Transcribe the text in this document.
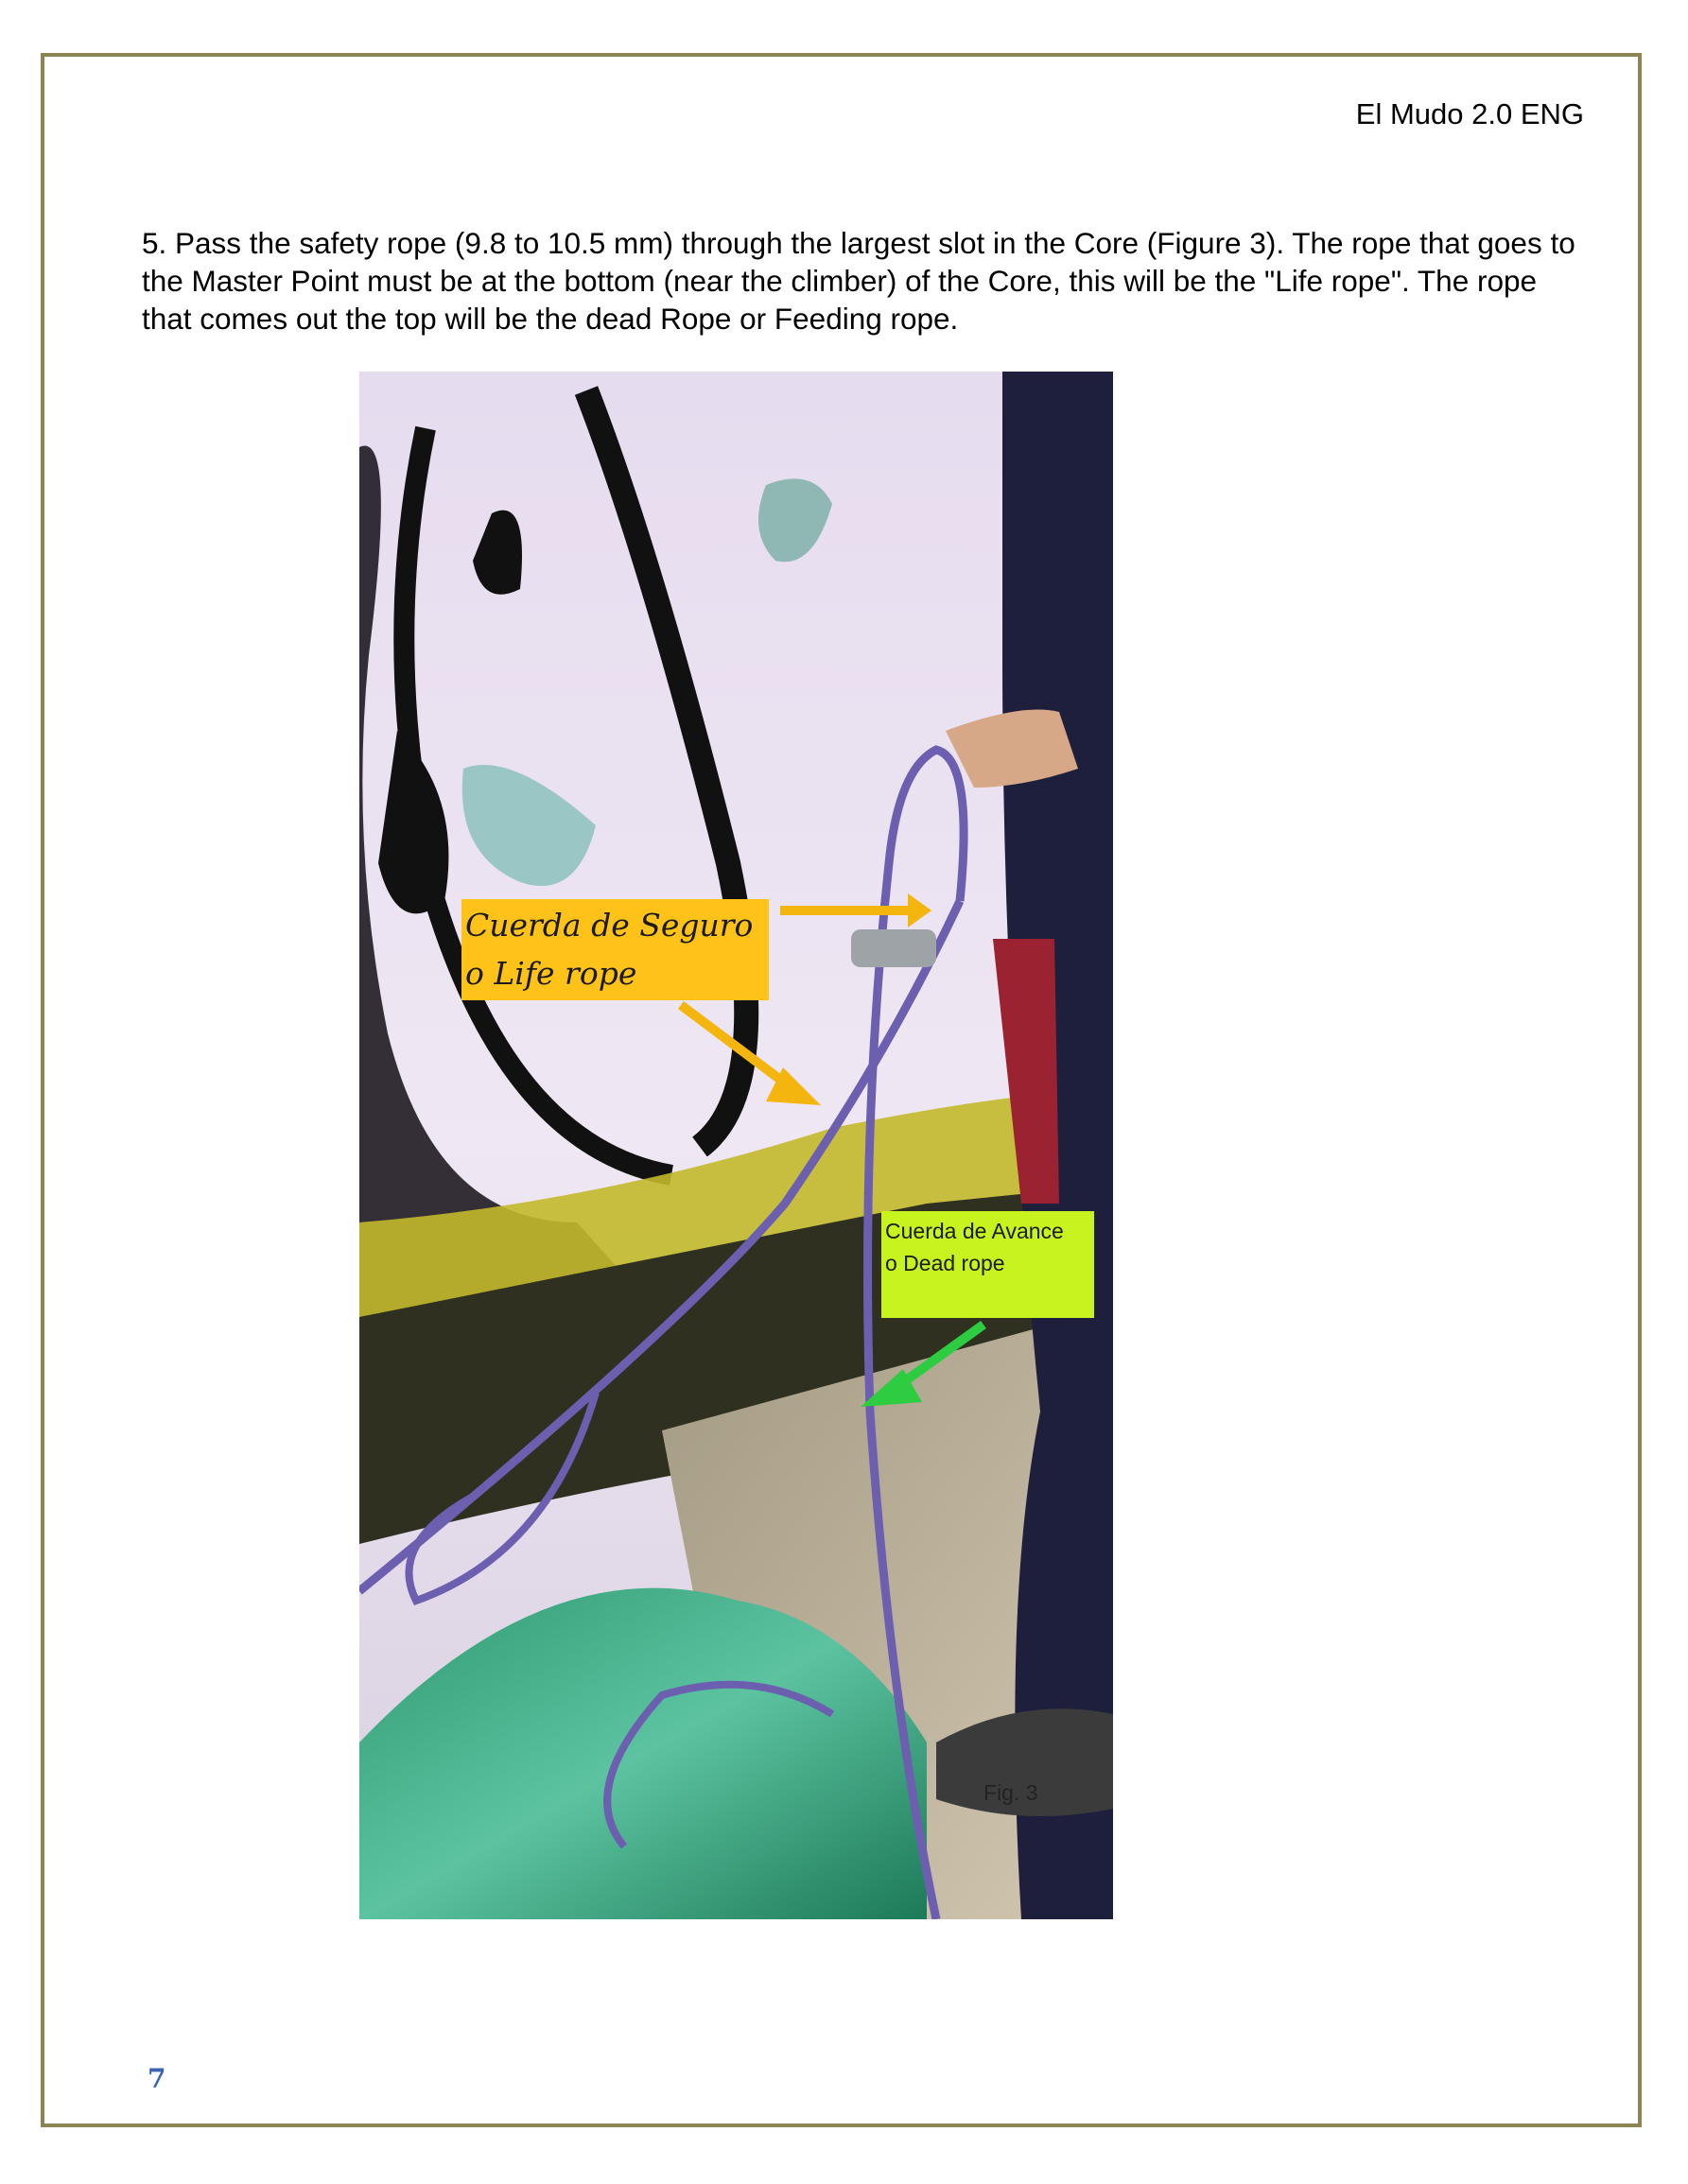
El Mudo 2.0 ENG
5. Pass the safety rope (9.8 to 10.5 mm) through the largest slot in the Core (Figure 3). The rope that goes to the Master Point must be at the bottom (near the climber) of the Core, this will be the "Life rope". The rope that comes out the top will be the dead Rope or Feeding rope.
Cuerda de Seguro
o Life rope
Cuerda de Avance
o Dead rope
Fig. 3
7
